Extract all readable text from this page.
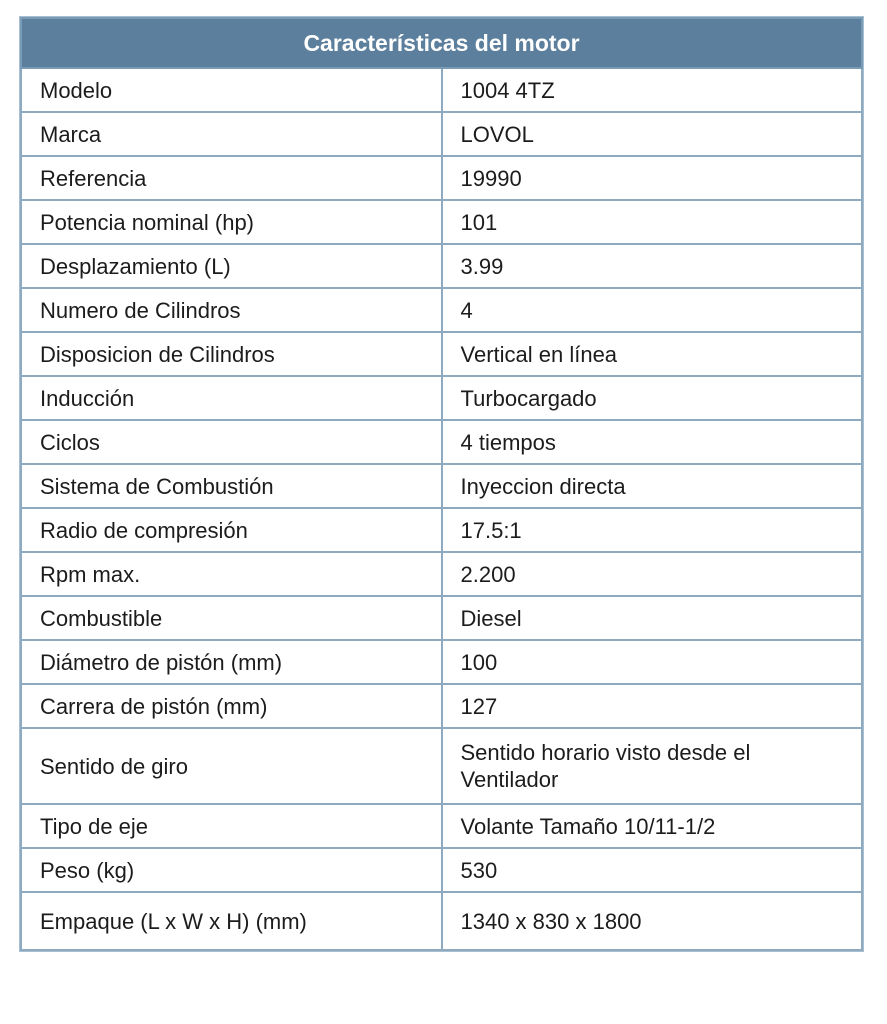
Características del motor	
Modelo	1004 4TZ
Marca	LOVOL
Referencia	19990
Potencia nominal (hp)	101
Desplazamiento (L)	3.99
Numero de Cilindros	4
Disposicion de Cilindros	Vertical en línea
Inducción	Turbocargado
Ciclos	4 tiempos
Sistema de Combustión	Inyeccion directa
Radio de compresión	17.5:1
Rpm max.	2.200
Combustible	Diesel
Diámetro de pistón (mm)	100
Carrera de pistón (mm)	127
Sentido de giro	Sentido horario visto desde el Ventilador
Tipo de eje	Volante Tamaño 10/11-1/2
Peso (kg)	530
Empaque (L x W x H) (mm)	1340 x 830 x 1800
